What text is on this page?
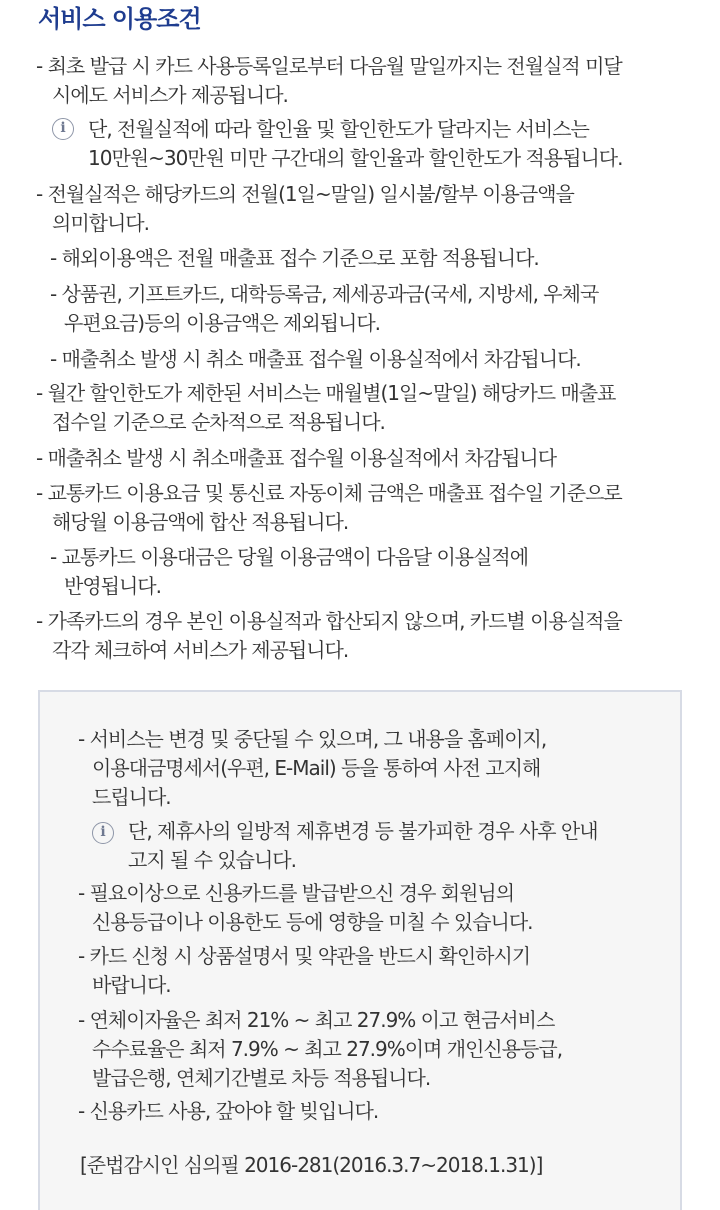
서비스 이용조건
- 최초 발급 시 카드 사용등록일로부터 다음월 말일까지는 전월실적 미달
시에도 서비스가 제공됩니다.
i	단, 전월실적에 따라 할인율 및 할인한도가 달라지는 서비스는
10만원~30만원 미만 구간대의 할인율과 할인한도가 적용됩니다.
- 전월실적은 해당카드의 전월(1일~말일) 일시불/할부 이용금액을
의미합니다.
- 해외이용액은 전월 매출표 접수 기준으로 포함 적용됩니다.
- 상품권, 기프트카드, 대학등록금, 제세공과금(국세, 지방세, 우체국
우편요금)등의 이용금액은 제외됩니다.
- 매출취소 발생 시 취소 매출표 접수월 이용실적에서 차감됩니다.
- 월간 할인한도가 제한된 서비스는 매월별(1일~말일) 해당카드 매출표
접수일 기준으로 순차적으로 적용됩니다.
- 매출취소 발생 시 취소매출표 접수월 이용실적에서 차감됩니다
- 교통카드 이용요금 및 통신료 자동이체 금액은 매출표 접수일 기준으로
해당월 이용금액에 합산 적용됩니다.
- 교통카드 이용대금은 당월 이용금액이 다음달 이용실적에
반영됩니다.
- 가족카드의 경우 본인 이용실적과 합산되지 않으며, 카드별 이용실적을
각각 체크하여 서비스가 제공됩니다.
- 서비스는 변경 및 중단될 수 있으며, 그 내용을 홈페이지,
이용대금명세서(우편, E-Mail) 등을 통하여 사전 고지해
드립니다.
i	단, 제휴사의 일방적 제휴변경 등 불가피한 경우 사후 안내
고지 될 수 있습니다.
- 필요이상으로 신용카드를 발급받으신 경우 회원님의
신용등급이나 이용한도 등에 영향을 미칠 수 있습니다.
- 카드 신청 시 상품설명서 및 약관을 반드시 확인하시기
바랍니다.
- 연체이자율은 최저 21% ~ 최고 27.9% 이고 현금서비스
수수료율은 최저 7.9% ~ 최고 27.9%이며 개인신용등급,
발급은행, 연체기간별로 차등 적용됩니다.
- 신용카드 사용, 갚아야 할 빚입니다.
[준법감시인 심의필 2016-281(2016.3.7~2018.1.31)]
